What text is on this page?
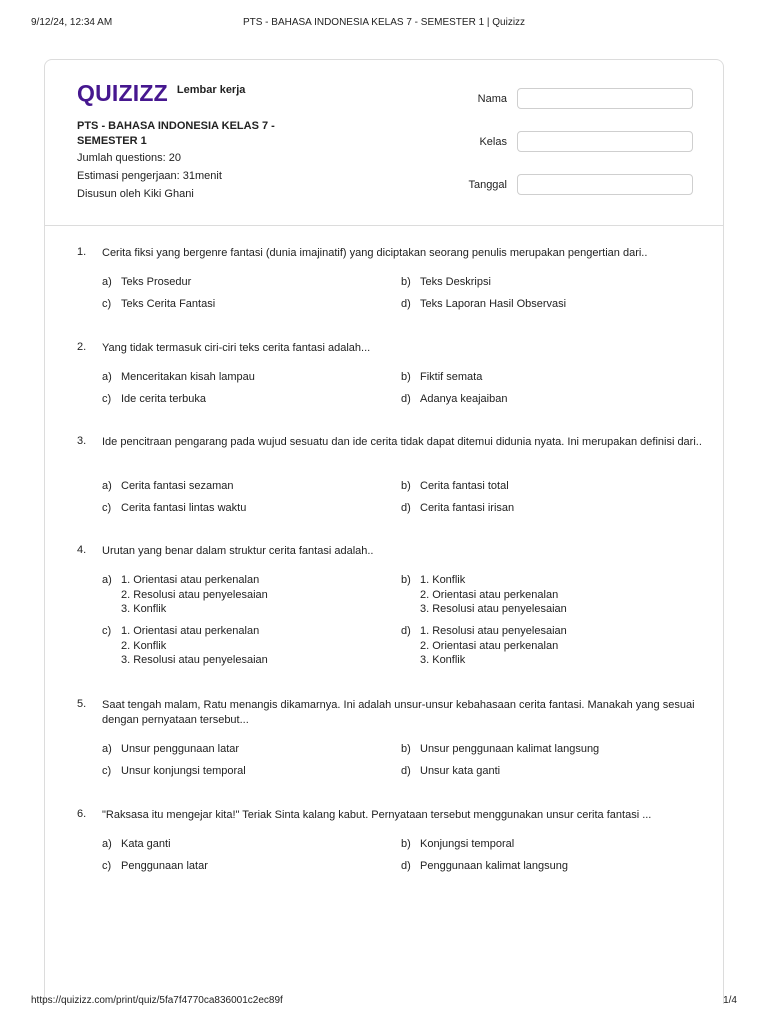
9/12/24, 12:34 AM	PTS - BAHASA INDONESIA KELAS 7 - SEMESTER 1 | Quizizz
QUIZIZZ Lembar kerja
PTS - BAHASA INDONESIA KELAS 7 - SEMESTER 1
Jumlah questions: 20
Estimasi pengerjaan: 31menit
Disusun oleh Kiki Ghani
Nama
Kelas
Tanggal
1. Cerita fiksi yang bergenre fantasi (dunia imajinatif) yang diciptakan seorang penulis merupakan pengertian dari..
a) Teks Prosedur	b) Teks Deskripsi
c) Teks Cerita Fantasi	d) Teks Laporan Hasil Observasi
2. Yang tidak termasuk ciri-ciri teks cerita fantasi adalah...
a) Menceritakan kisah lampau	b) Fiktif semata
c) Ide cerita terbuka	d) Adanya keajaiban
3. Ide pencitraan pengarang pada wujud sesuatu dan ide cerita tidak dapat ditemui didunia nyata. Ini merupakan definisi dari..
a) Cerita fantasi sezaman	b) Cerita fantasi total
c) Cerita fantasi lintas waktu	d) Cerita fantasi irisan
4. Urutan yang benar dalam struktur cerita fantasi adalah..
a) 1. Orientasi atau perkenalan
2. Resolusi atau penyelesaian
3. Konflik
b) 1. Konflik
2. Orientasi atau perkenalan
3. Resolusi atau penyelesaian
c) 1. Orientasi atau perkenalan
2. Konflik
3. Resolusi atau penyelesaian
d) 1. Resolusi atau penyelesaian
2. Orientasi atau perkenalan
3. Konflik
5. Saat tengah malam, Ratu menangis dikamarnya. Ini adalah unsur-unsur kebahasaan cerita fantasi. Manakah yang sesuai dengan pernyataan tersebut...
a) Unsur penggunaan latar	b) Unsur penggunaan kalimat langsung
c) Unsur konjungsi temporal	d) Unsur kata ganti
6. "Raksasa itu mengejar kita!" Teriak Sinta kalang kabut. Pernyataan tersebut menggunakan unsur cerita fantasi ...
a) Kata ganti	b) Konjungsi temporal
c) Penggunaan latar	d) Penggunaan kalimat langsung
https://quizizz.com/print/quiz/5fa7f4770ca836001c2ec89f	1/4
